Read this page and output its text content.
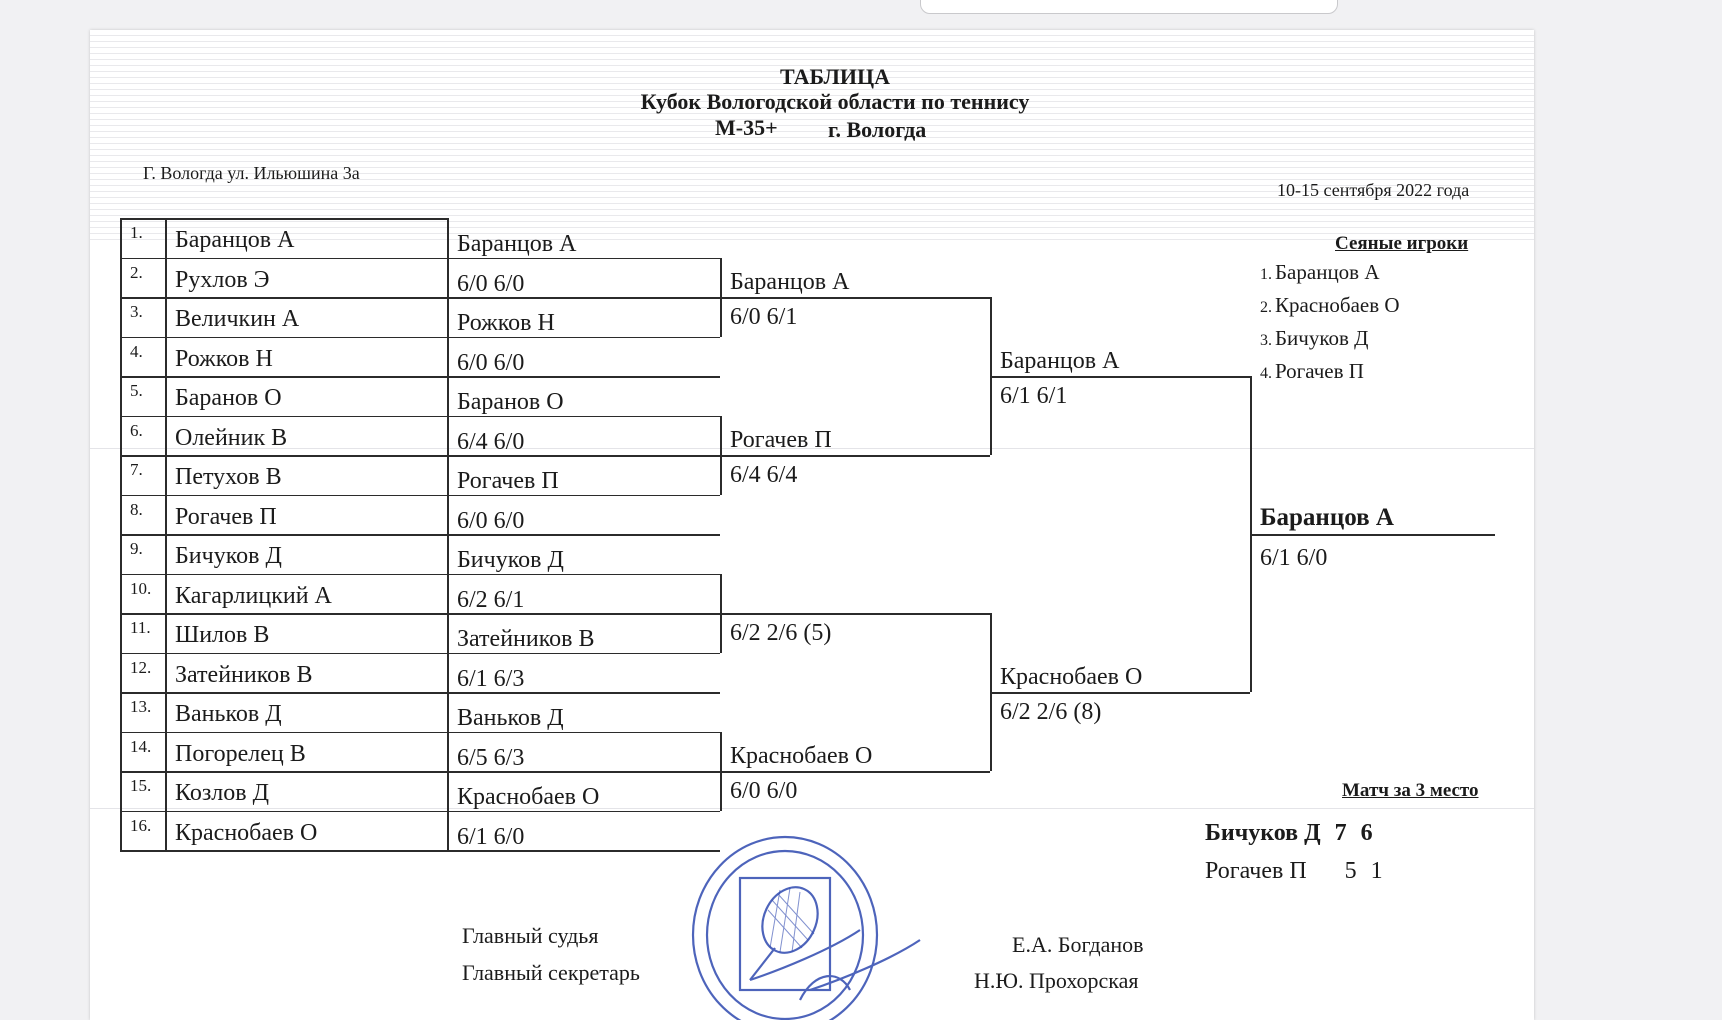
ТАБЛИЦА
Кубок Вологодской области по теннису
М-35+ г. Вологда
Г. Вологда ул. Ильюшина 3а
10-15 сентября 2022 года
1. Баранцов А
2. Рухлов Э
3. Величкин А
4. Рожков Н
5. Баранов О
6. Олейник В
7. Петухов В
8. Рогачев П
9. Бичуков Д
10. Кагарлицкий А
11. Шилов В
12. Затейников В
13. Ваньков Д
14. Погорелец В
15. Козлов Д
16. Краснобаев О
Баранцов А
6/0 6/0
Рожков Н
6/0 6/0
Баранов О
6/4 6/0
Рогачев П
6/0 6/0
Бичуков Д
6/2 6/1
Затейников В
6/1 6/3
Ваньков Д
6/5 6/3
Краснобаев О
6/1 6/0
Баранцов А
6/0 6/1
Рогачев П
6/4 6/4
6/2 2/6 (5)
Краснобаев О
6/0 6/0
Баранцов А
6/1 6/1
Краснобаев О
6/2 2/6 (8)
Баранцов А
6/1 6/0
Сеяные игроки
1. Баранцов А
2. Краснобаев О
3. Бичуков Д
4. Рогачев П
Матч за 3 место
Бичуков Д 7 6
Рогачев П 5 1
Главный судья	Е.А. Богданов
Главный секретарь	Н.Ю. Прохорская
